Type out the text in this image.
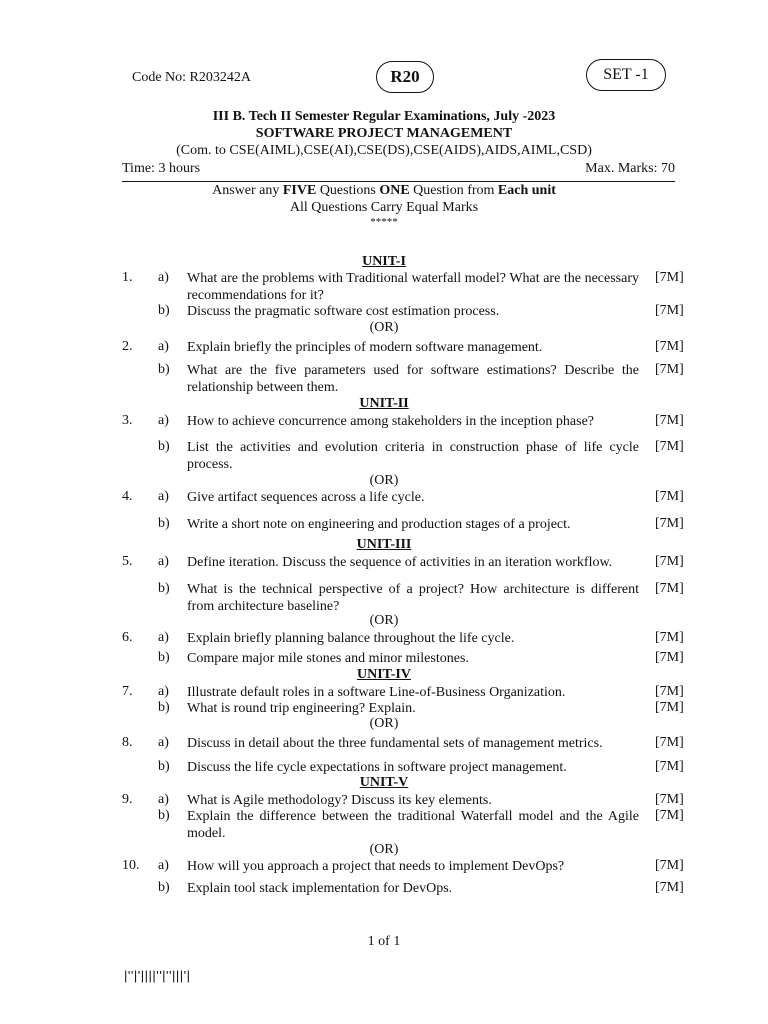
Code No: R203242A	R20	SET -1
III B. Tech II Semester Regular Examinations, July -2023
SOFTWARE PROJECT MANAGEMENT
(Com. to CSE(AIML),CSE(AI),CSE(DS),CSE(AIDS),AIDS,AIML,CSD)
Time: 3 hours	Max. Marks: 70
Answer any FIVE Questions ONE Question from Each unit
All Questions Carry Equal Marks
*****
UNIT-I
1. a) What are the problems with Traditional waterfall model? What are the necessary recommendations for it?
[7M]
b) Discuss the pragmatic software cost estimation process.	[7M]
(OR)
2. a) Explain briefly the principles of modern software management.	[7M]
b) What are the five parameters used for software estimations? Describe the relationship between them.
[7M]
UNIT-II
3. a) How to achieve concurrence among stakeholders in the inception phase?	[7M]
b) List the activities and evolution criteria in construction phase of life cycle process.
[7M]
(OR)
4. a) Give artifact sequences across a life cycle.	[7M]
b) Write a short note on engineering and production stages of a project.	[7M]
UNIT-III
5. a) Define iteration. Discuss the sequence of activities in an iteration workflow.	[7M]
b) What is the technical perspective of a project? How architecture is different from architecture baseline?
[7M]
(OR)
6. a) Explain briefly planning balance throughout the life cycle.	[7M]
b) Compare major mile stones and minor milestones.	[7M]
UNIT-IV
7. a) Illustrate default roles in a software Line-of-Business Organization.	[7M]
b) What is round trip engineering? Explain.	[7M]
(OR)
8. a) Discuss in detail about the three fundamental sets of management metrics.	[7M]
b) Discuss the life cycle expectations in software project management.	[7M]
UNIT-V
9. a) What is Agile methodology? Discuss its key elements.	[7M]
b) Explain the difference between the traditional Waterfall model and the Agile model.
[7M]
(OR)
10. a) How will you approach a project that needs to implement DevOps?	[7M]
b) Explain tool stack implementation for DevOps.	[7M]
1 of 1
|''|'||||''|''|||'|
